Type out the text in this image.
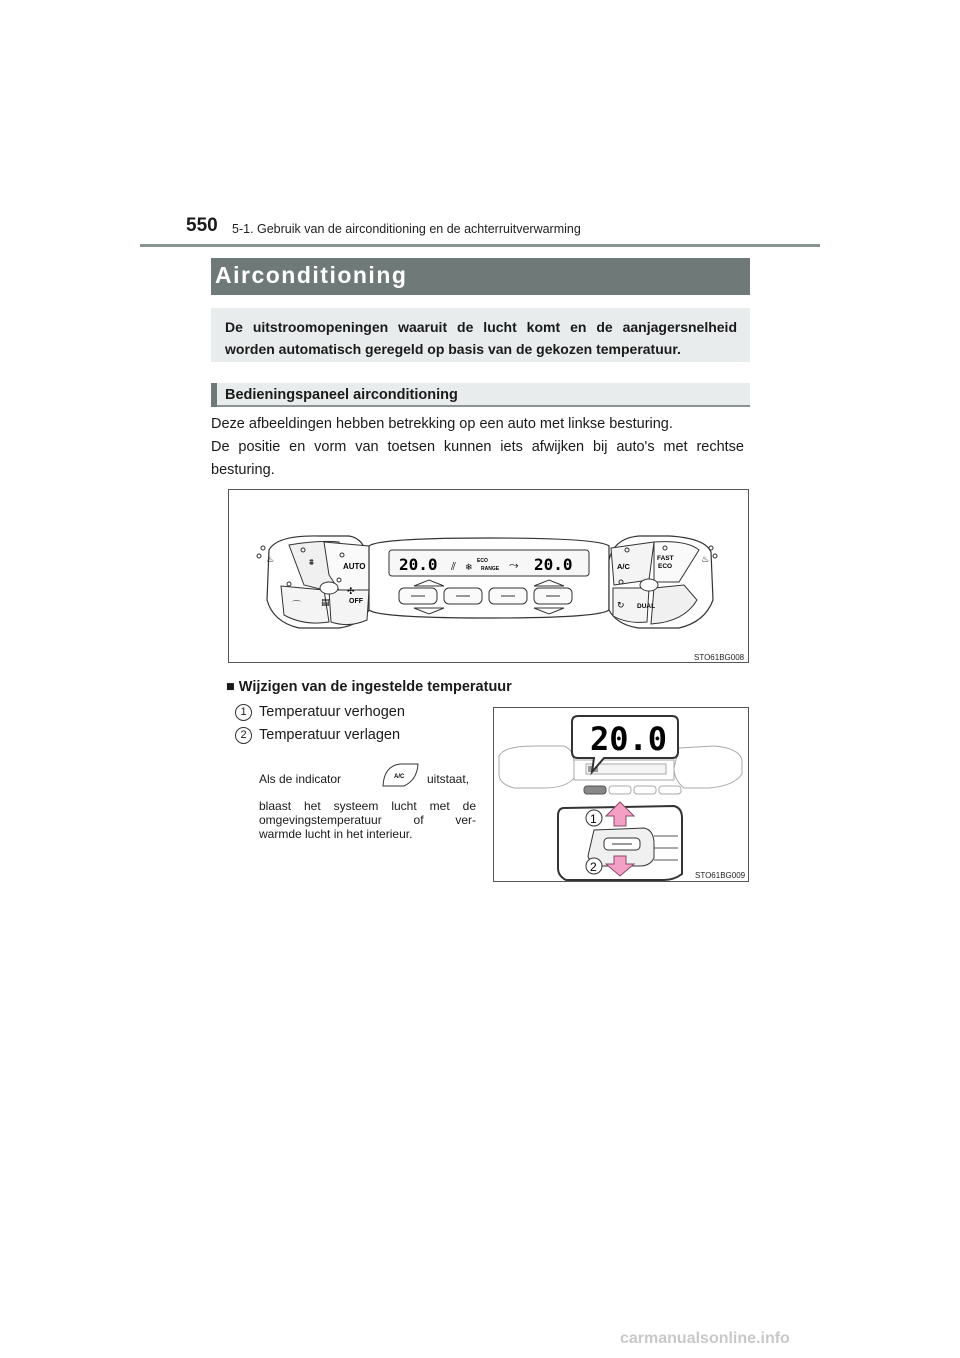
550 5-1. Gebruik van de airconditioning en de achterruitverwarming
Airconditioning
De uitstroomopeningen waaruit de lucht komt en de aanjagersnelheid
worden automatisch geregeld op basis van de gekozen temperatuur.
Bedieningspaneel airconditioning
Deze afbeeldingen hebben betrekking op een auto met linkse besturing.
De positie en vorm van toetsen kunnen iets afwijken bij auto's met rechtse
besturing.
AUTO
OFF
✣
⩩
⌒ ▤
♨	20.0	20.0
⫽ ❄
ECO
RANGE ⤳	A/C
FAST
ECO
DUAL
↻
♨
STO61BG008
■ Wijzigen van de ingestelde temperatuur
1 Temperatuur verhogen
2 Temperatuur verlagen
Als de indicator	A/C uitstaat,
blaast het systeem lucht met de
omgevingstemperatuur of ver-
warmde lucht in het interieur.
20.0
1
2
STO61BG009
carmanualsonline.info
